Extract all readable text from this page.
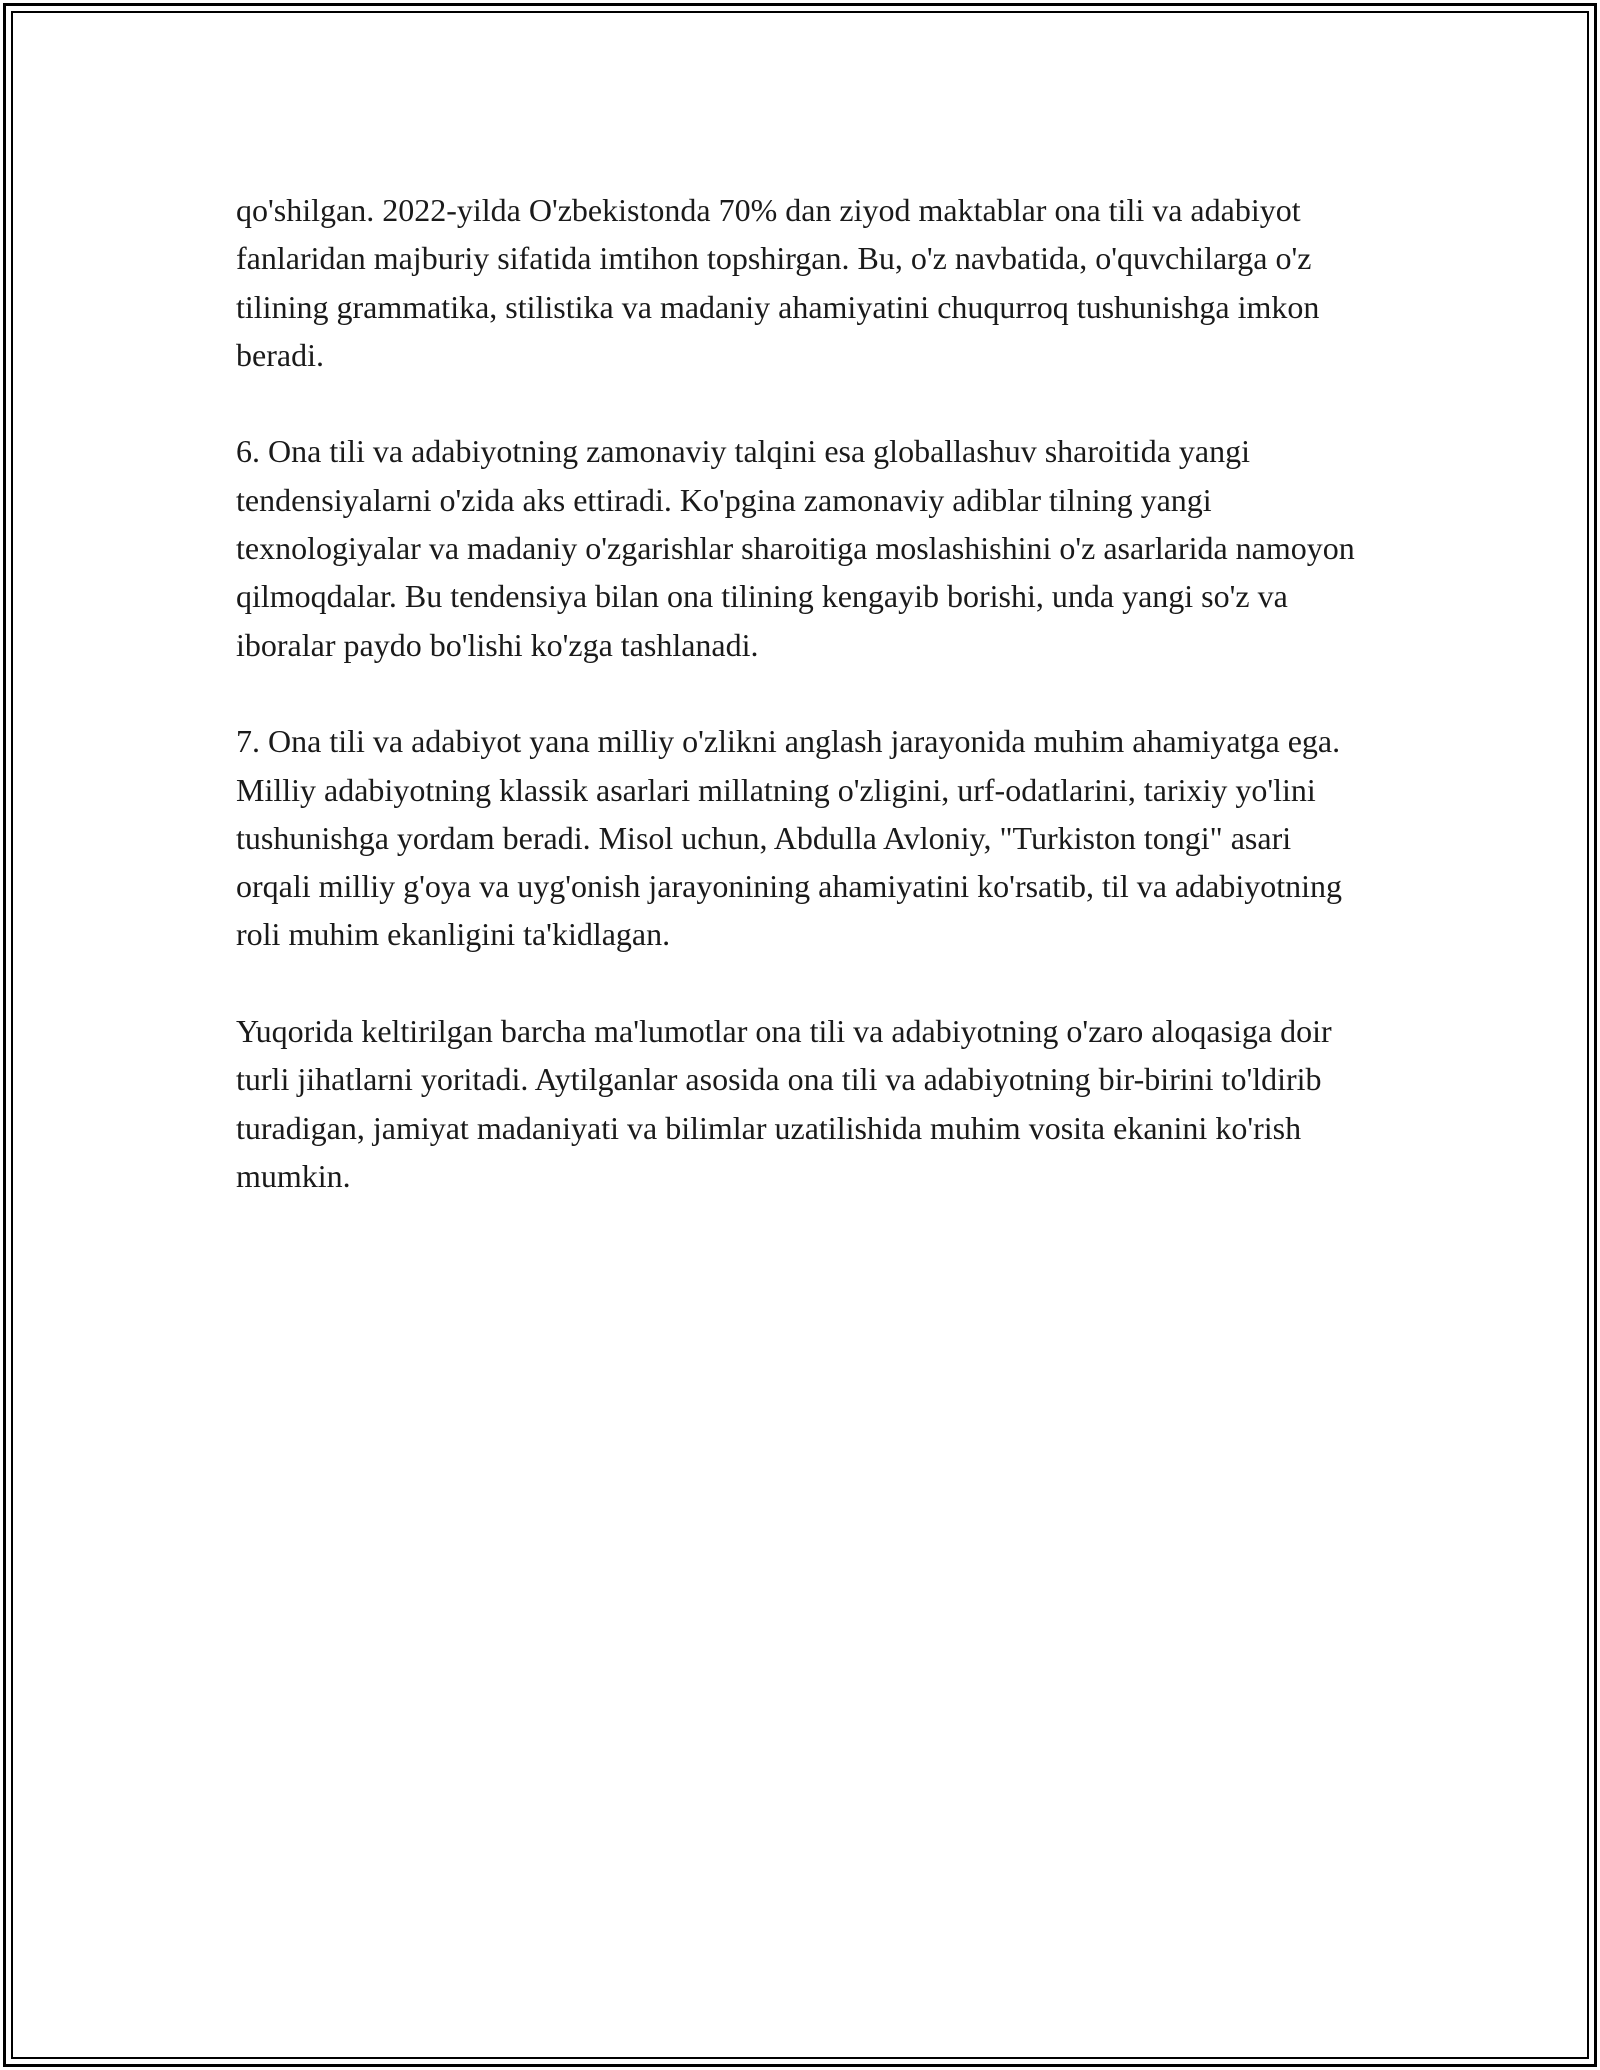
qo'shilgan. 2022-yilda O'zbekistonda 70% dan ziyod maktablar ona tili va adabiyot fanlaridan majburiy sifatida imtihon topshirgan. Bu, o'z navbatida, o'quvchilarga o'z tilining grammatika, stilistika va madaniy ahamiyatini chuqurroq tushunishga imkon beradi.

6. Ona tili va adabiyotning zamonaviy talqini esa globallashuv sharoitida yangi tendensiyalarni o'zida aks ettiradi. Ko'pgina zamonaviy adiblar tilning yangi texnologiyalar va madaniy o'zgarishlar sharoitiga moslashishini o'z asarlarida namoyon qilmoqdalar. Bu tendensiya bilan ona tilining kengayib borishi, unda yangi so'z va iboralar paydo bo'lishi ko'zga tashlanadi.

7. Ona tili va adabiyot yana milliy o'zlikni anglash jarayonida muhim ahamiyatga ega. Milliy adabiyotning klassik asarlari millatning o'zligini, urf-odatlarini, tarixiy yo'lini tushunishga yordam beradi. Misol uchun, Abdulla Avloniy, "Turkiston tongi" asari orqali milliy g'oya va uyg'onish jarayonining ahamiyatini ko'rsatib, til va adabiyotning roli muhim ekanligini ta'kidlagan.

Yuqorida keltirilgan barcha ma'lumotlar ona tili va adabiyotning o'zaro aloqasiga doir turli jihatlarni yoritadi. Aytilganlar asosida ona tili va adabiyotning bir-birini to'ldirib turadigan, jamiyat madaniyati va bilimlar uzatilishida muhim vosita ekanini ko'rish mumkin.
